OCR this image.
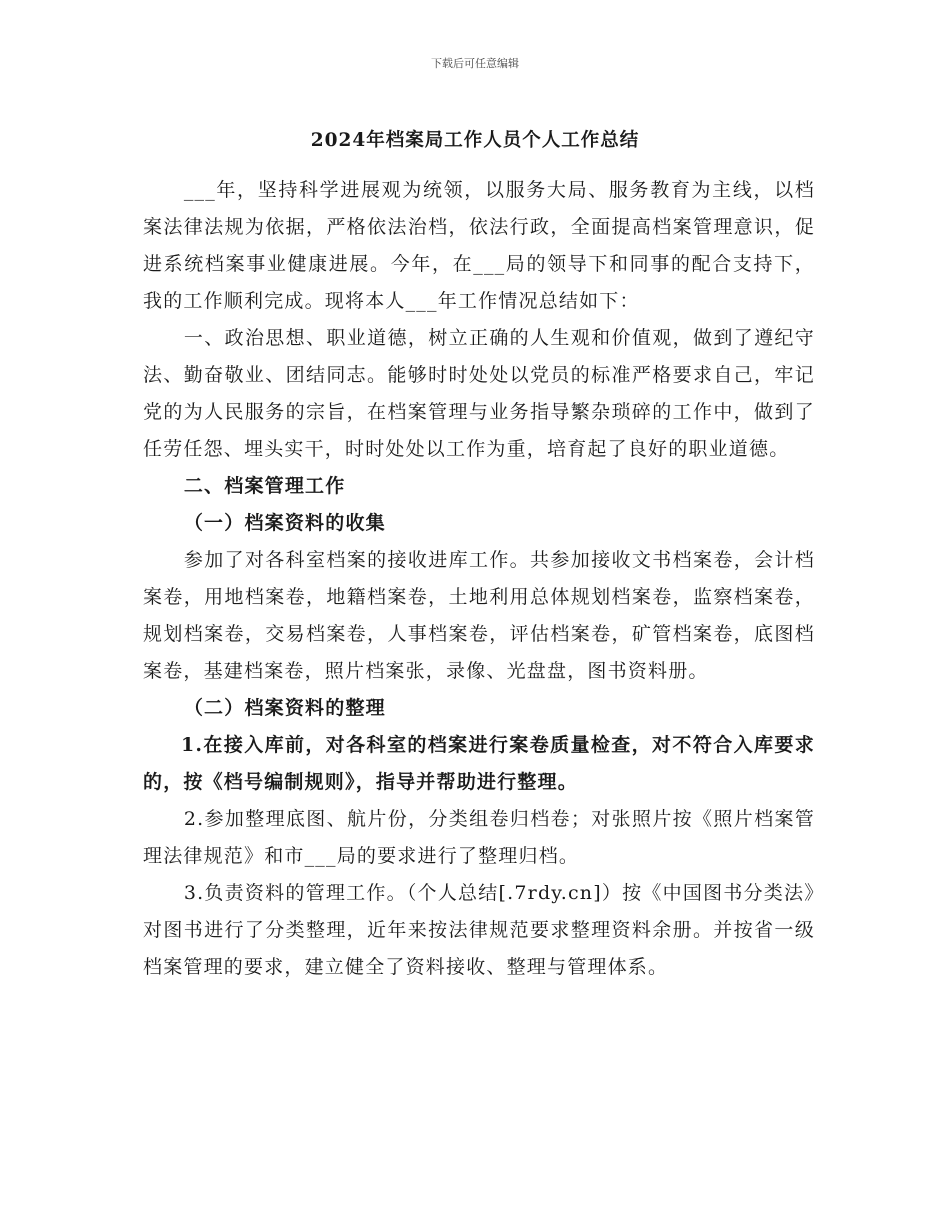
下载后可任意编辑
2024年档案局工作人员个人工作总结

___年，坚持科学进展观为统领，以服务大局、服务教育为主线，以档案法律法规为依据，严格依法治档，依法行政，全面提高档案管理意识，促进系统档案事业健康进展。今年，在___局的领导下和同事的配合支持下，我的工作顺利完成。现将本人___年工作情况总结如下：

一、政治思想、职业道德，树立正确的人生观和价值观，做到了遵纪守法、勤奋敬业、团结同志。能够时时处处以党员的标准严格要求自己，牢记党的为人民服务的宗旨，在档案管理与业务指导繁杂琐碎的工作中，做到了任劳任怨、埋头实干，时时处处以工作为重，培育起了良好的职业道德。

二、档案管理工作

（一）档案资料的收集

参加了对各科室档案的接收进库工作。共参加接收文书档案卷，会计档案卷，用地档案卷，地籍档案卷，土地利用总体规划档案卷，监察档案卷，规划档案卷，交易档案卷，人事档案卷，评估档案卷，矿管档案卷，底图档案卷，基建档案卷，照片档案张，录像、光盘盘，图书资料册。

（二）档案资料的整理

1.在接入库前，对各科室的档案进行案卷质量检查，对不符合入库要求的，按《档号编制规则》，指导并帮助进行整理。

2.参加整理底图、航片份，分类组卷归档卷；对张照片按《照片档案管理法律规范》和市___局的要求进行了整理归档。

3.负责资料的管理工作。（个人总结[.7rdy.cn]）按《中国图书分类法》对图书进行了分类整理，近年来按法律规范要求整理资料余册。并按省一级档案管理的要求，建立健全了资料接收、整理与管理体系。
